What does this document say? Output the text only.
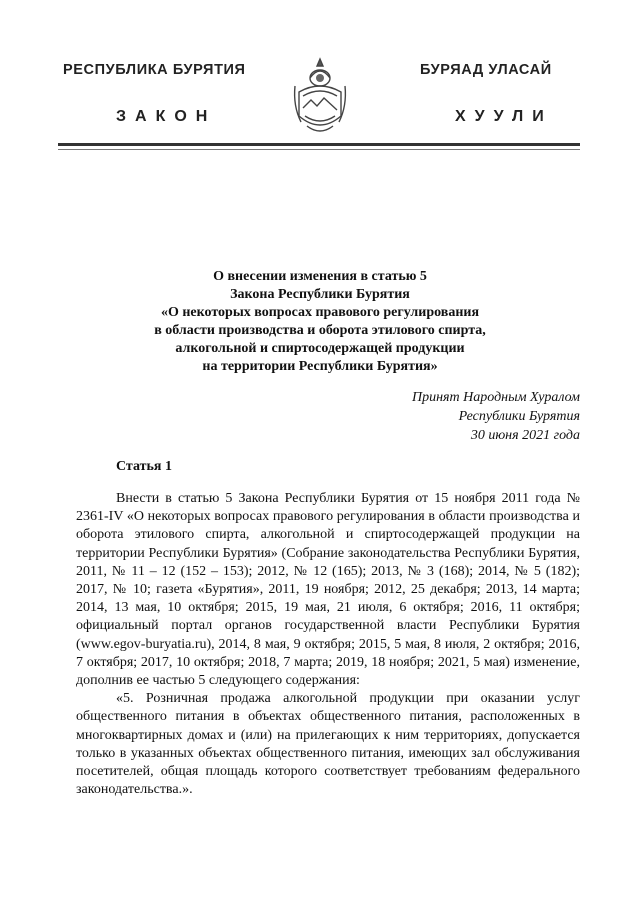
РЕСПУБЛИКА БУРЯТИЯ	БУРЯАД УЛАСАЙ
ЗАКОН	ХУУЛИ
О внесении изменения в статью 5
Закона Республики Бурятия
«О некоторых вопросах правового регулирования
в области производства и оборота этилового спирта,
алкогольной и спиртосодержащей продукции
на территории Республики Бурятия»
Принят Народным Хуралом
Республики Бурятия
30 июня 2021 года
Статья 1

Внести в статью 5 Закона Республики Бурятия от 15 ноября 2011 года № 2361-IV «О некоторых вопросах правового регулирования в области производства и оборота этилового спирта, алкогольной и спиртосодержащей продукции на территории Республики Бурятия» (Собрание законодательства Республики Бурятия, 2011, № 11 – 12 (152 – 153); 2012, № 12 (165); 2013, № 3 (168); 2014, № 5 (182); 2017, № 10; газета «Бурятия», 2011, 19 ноября; 2012, 25 декабря; 2013, 14 марта; 2014, 13 мая, 10 октября; 2015, 19 мая, 21 июля, 6 октября; 2016, 11 октября; официальный портал органов государственной власти Республики Бурятия (www.egov-buryatia.ru), 2014, 8 мая, 9 октября; 2015, 5 мая, 8 июля, 2 октября; 2016, 7 октября; 2017, 10 октября; 2018, 7 марта; 2019, 18 ноября; 2021, 5 мая) изменение, дополнив ее частью 5 следующего содержания:

«5. Розничная продажа алкогольной продукции при оказании услуг общественного питания в объектах общественного питания, расположенных в многоквартирных домах и (или) на прилегающих к ним территориях, допускается только в указанных объектах общественного питания, имеющих зал обслуживания посетителей, общая площадь которого соответствует требованиям федерального законодательства.».
